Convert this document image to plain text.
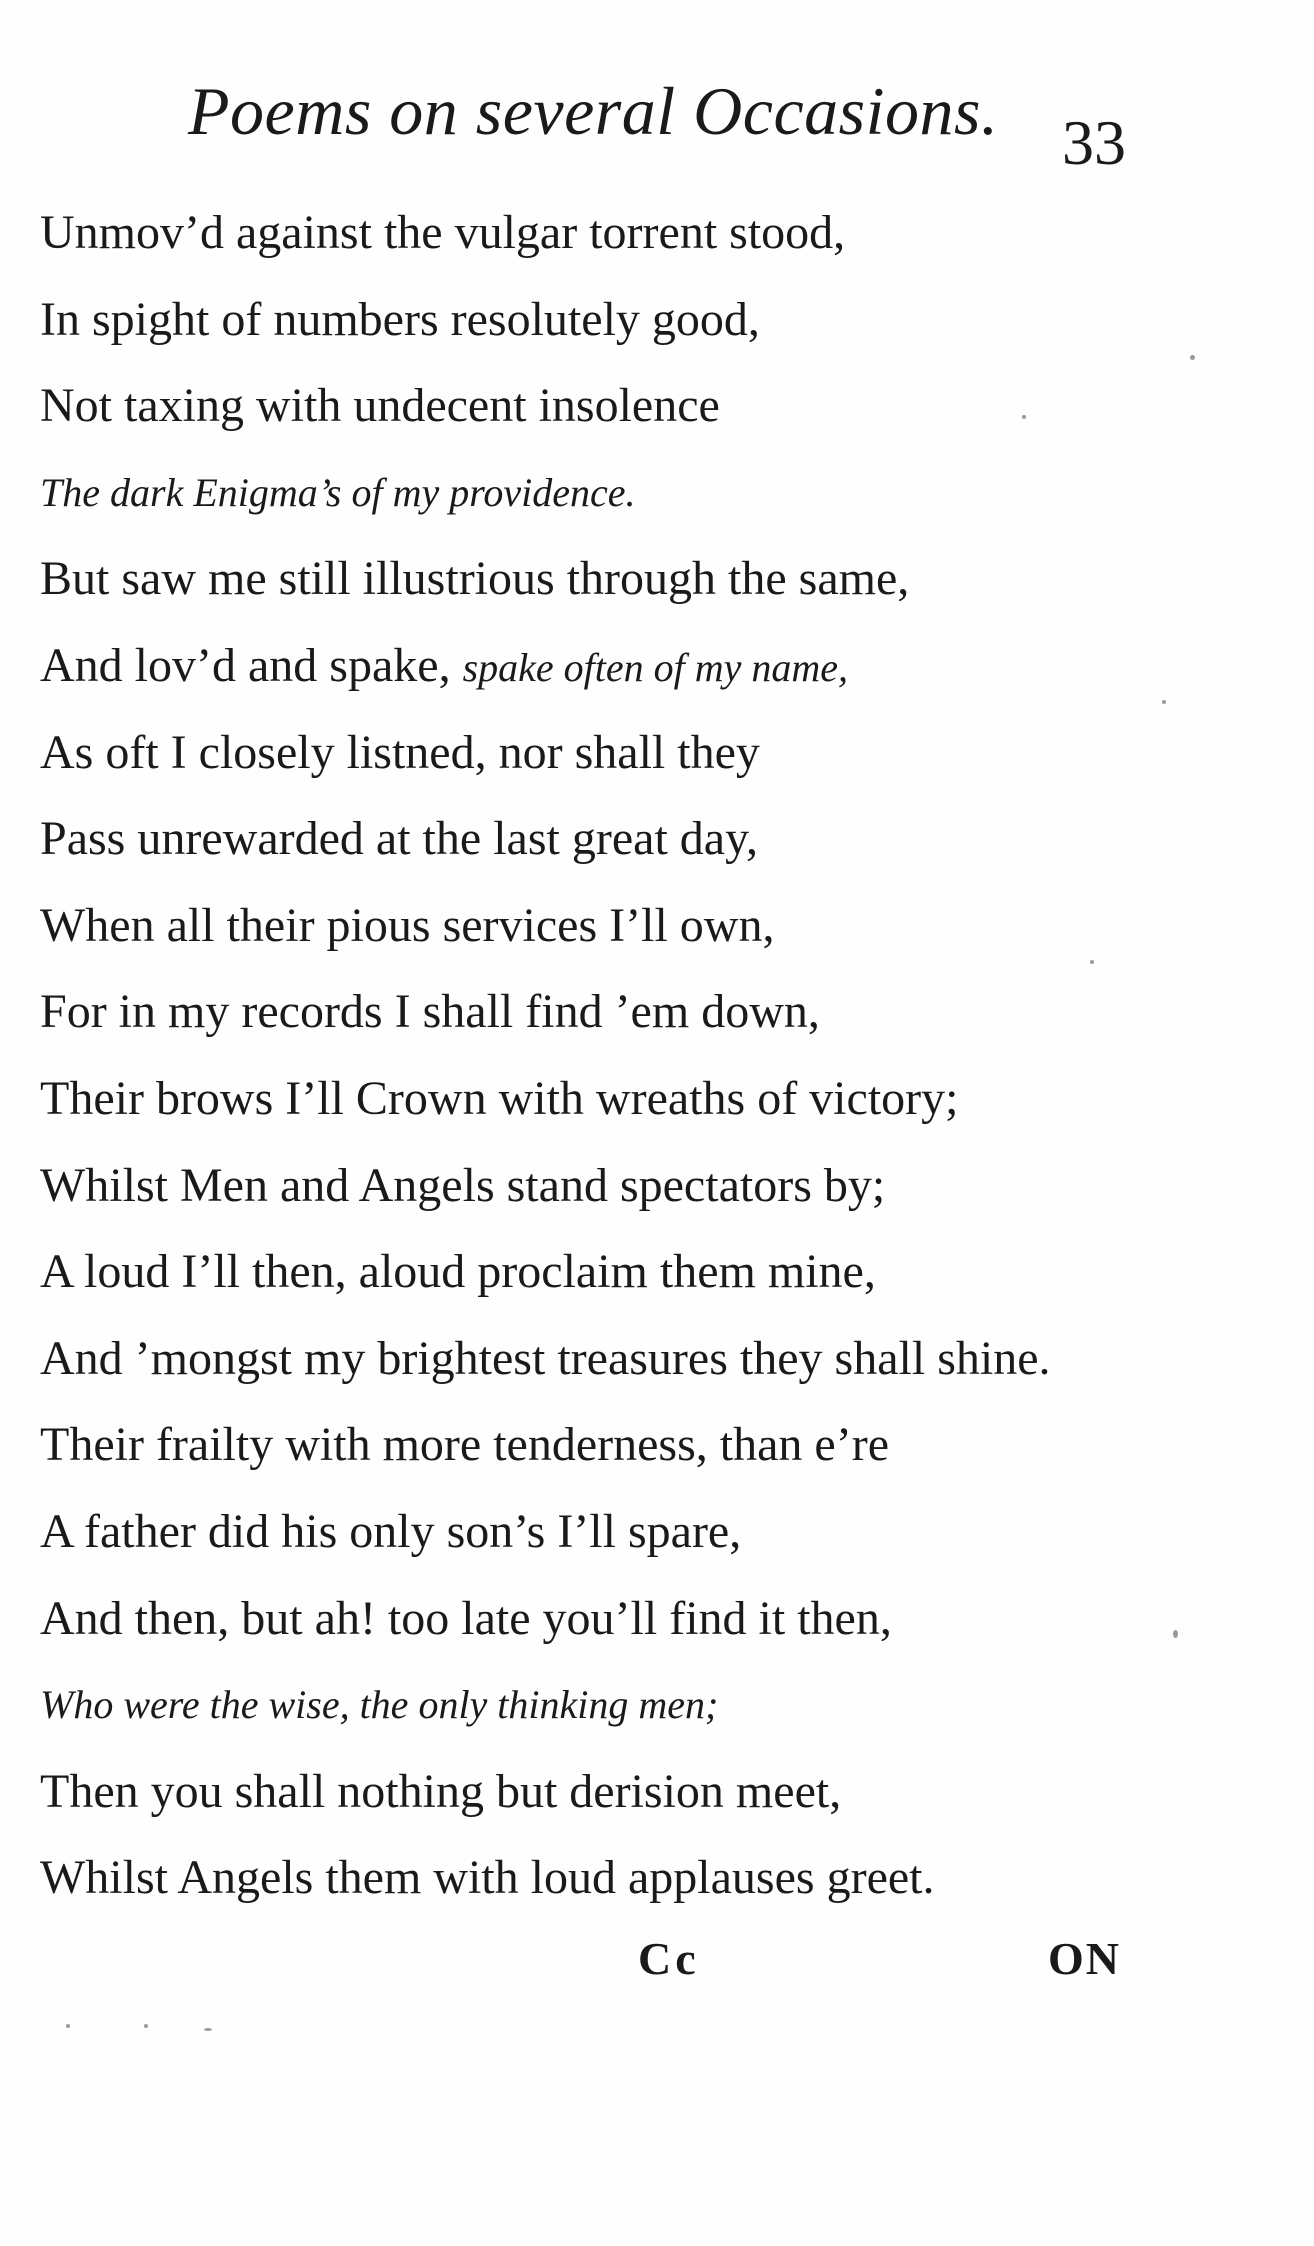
Poems on several Occasions. 33
Unmov’d against the vulgar torrent stood,
In spight of numbers resolutely good,
Not taxing with undecent insolence
The dark Enigma’s of my providence.
But saw me still illustrious through the same,
And lov’d and spake, spake often of my name,
As oft I closely listned, nor shall they
Pass unrewarded at the last great day,
When all their pious services I’ll own,
For in my records I shall find ’em down,
Their brows I’ll Crown with wreaths of victory;
Whilst Men and Angels stand spectators by;
A loud I’ll then, aloud proclaim them mine,
And ’mongst my brightest treasures they shall shine.
Their frailty with more tenderness, than e’re
A father did his only son’s I’ll spare,
And then, but ah! too late you’ll find it then,
Who were the wise, the only thinking men;
Then you shall nothing but derision meet,
Whilst Angels them with loud applauses greet.
Cc	ON
